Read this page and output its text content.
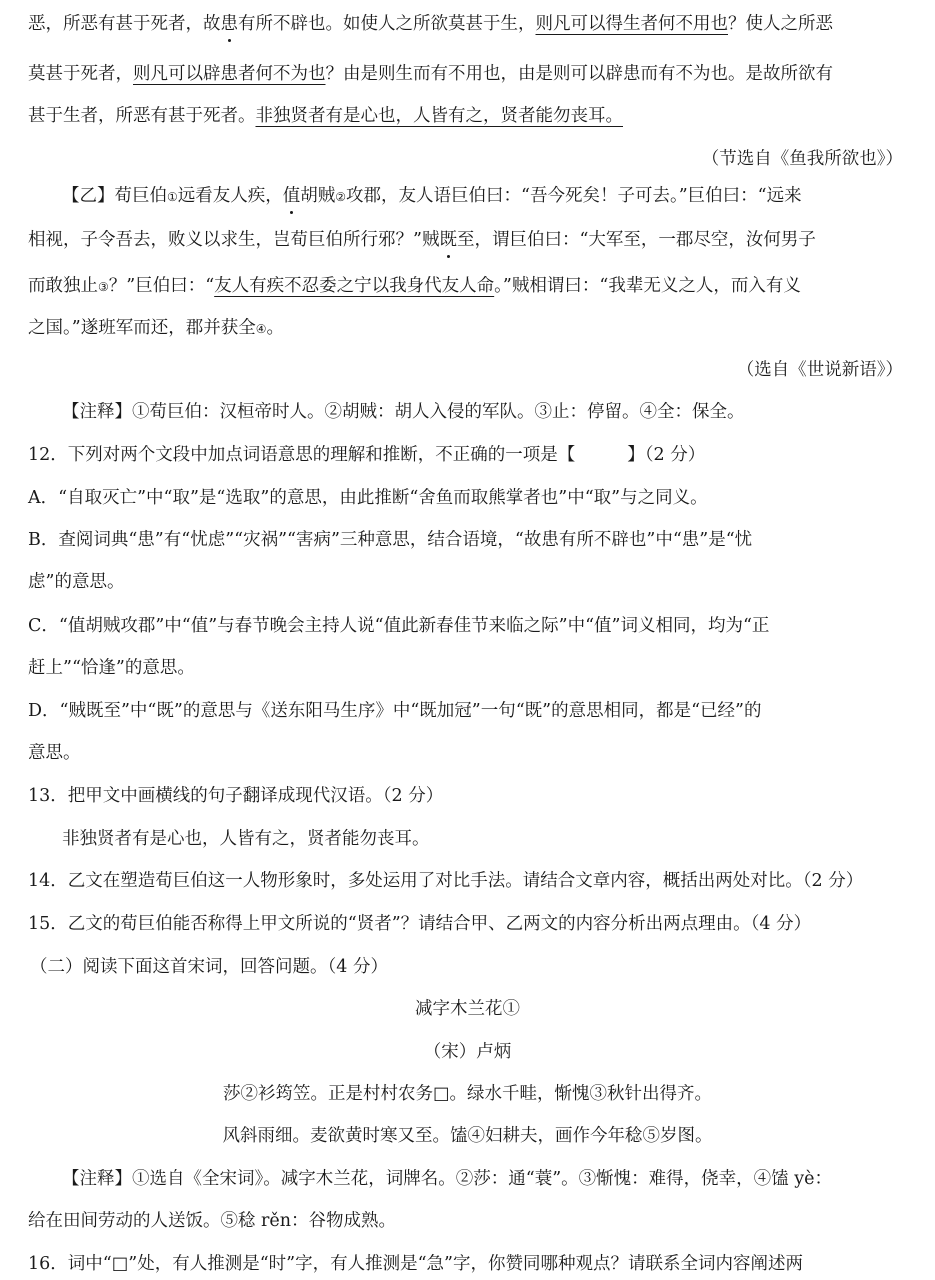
恶，所恶有甚于死者，故患有所不辟也。如使人之所欲莫甚于生，则凡可以得生者何不用也？使人之所恶
莫甚于死者，则凡可以辟患者何不为也？由是则生而有不用也，由是则可以辟患而有不为也。是故所欲有
甚于生者，所恶有甚于死者。非独贤者有是心也，人皆有之，贤者能勿丧耳。
（节选自《鱼我所欲也》）
【乙】荀巨伯①远看友人疾，值胡贼②攻郡，友人语巨伯曰：“吾今死矣！子可去。”巨伯曰：“远来
相视，子令吾去，败义以求生，岂荀巨伯所行邪？”贼既至，谓巨伯曰：“大军至，一郡尽空，汝何男子
而敢独止③？”巨伯曰：“友人有疾不忍委之宁以我身代友人命。”贼相谓曰：“我辈无义之人，而入有义
之国。”遂班军而还，郡并获全④。
（选自《世说新语》）
【注释】①荀巨伯：汉桓帝时人。②胡贼：胡人入侵的军队。③止：停留。④全：保全。
12．下列对两个文段中加点词语意思的理解和推断，不正确的一项是【	】（2 分）
A．“自取灭亡”中“取”是“选取”的意思，由此推断“舍鱼而取熊掌者也”中“取”与之同义。
B．查阅词典“患”有“忧虑”“灾祸”“害病”三种意思，结合语境，“故患有所不辟也”中“患”是“忧
虑”的意思。
C．“值胡贼攻郡”中“值”与春节晚会主持人说“值此新春佳节来临之际”中“值”词义相同，均为“正
赶上”“恰逢”的意思。
D．“贼既至”中“既”的意思与《送东阳马生序》中“既加冠”一句“既”的意思相同，都是“已经”的
意思。
13．把甲文中画横线的句子翻译成现代汉语。（2 分）
非独贤者有是心也，人皆有之，贤者能勿丧耳。
14．乙文在塑造荀巨伯这一人物形象时，多处运用了对比手法。请结合文章内容，概括出两处对比。（2 分）
15．乙文的荀巨伯能否称得上甲文所说的“贤者”？请结合甲、乙两文的内容分析出两点理由。（4 分）
（二）阅读下面这首宋词，回答问题。（4 分）
减字木兰花①
（宋）卢炳
莎②衫筠笠。正是村村农务□。绿水千畦，惭愧③秋针出得齐。
风斜雨细。麦欲黄时寒又至。馌④妇耕夫，画作今年稔⑤岁图。
【注释】①选自《全宋词》。减字木兰花，词牌名。②莎：通“蓑”。③惭愧：难得，侥幸，④馌 yè：
给在田间劳动的人送饭。⑤稔 rěn：谷物成熟。
16．词中“□”处，有人推测是“时”字，有人推测是“急”字，你赞同哪种观点？请联系全词内容阐述两
